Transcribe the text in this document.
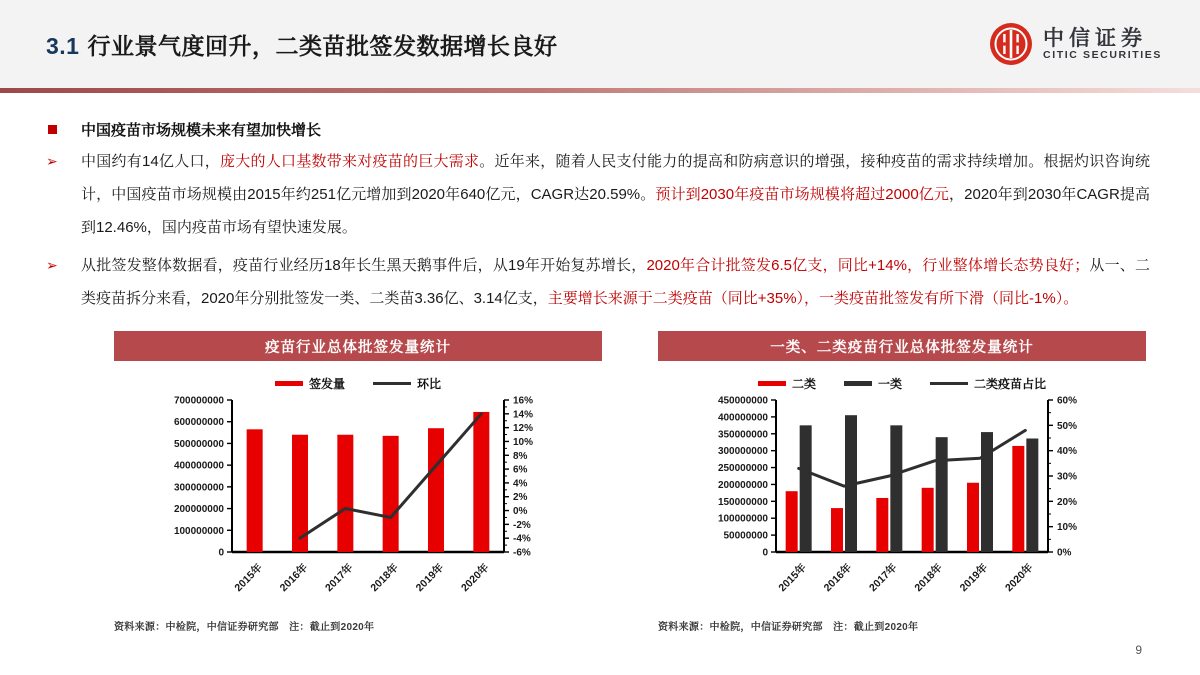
3.1 行业景气度回升，二类苗批签发数据增长良好	中信证券
CITIC SECURITIES
中国疫苗市场规模未来有望加快增长
➢	中国约有14亿人口，庞大的人口基数带来对疫苗的巨大需求。近年来，随着人民支付能力的提高和防病意识的增强，接种疫苗的需求持续增加。根据灼识咨询统计，中国疫苗市场规模由2015年约251亿元增加到2020年640亿元，CAGR达20.59%。预计到2030年疫苗市场规模将超过2000亿元，2020年到2030年CAGR提高到12.46%，国内疫苗市场有望快速发展。
➢	从批签发整体数据看，疫苗行业经历18年长生黑天鹅事件后，从19年开始复苏增长，2020年合计批签发6.5亿支，同比+14%，行业整体增长态势良好；从一、二类疫苗拆分来看，2020年分别批签发一类、二类苗3.36亿、3.14亿支，主要增长来源于二类疫苗（同比+35%），一类疫苗批签发有所下滑（同比-1%）。
疫苗行业总体批签发量统计
签发量	环比
0
100000000
200000000
300000000
400000000
500000000
600000000
700000000
-6%
-4%
-2%
0%
2%
4%
6%
8%
10%
12%
14%
16%
2015年 2016年 2017年 2018年 2019年 2020年
资料来源：中检院，中信证券研究部　注：截止到2020年
一类、二类疫苗行业总体批签发量统计
二类	一类	二类疫苗占比
0
50000000
100000000
150000000
200000000
250000000
300000000
350000000
400000000
450000000
0%
10%
20%
30%
40%
50%
60%
2015年 2016年 2017年 2018年 2019年 2020年
资料来源：中检院，中信证券研究部　注：截止到2020年
9
